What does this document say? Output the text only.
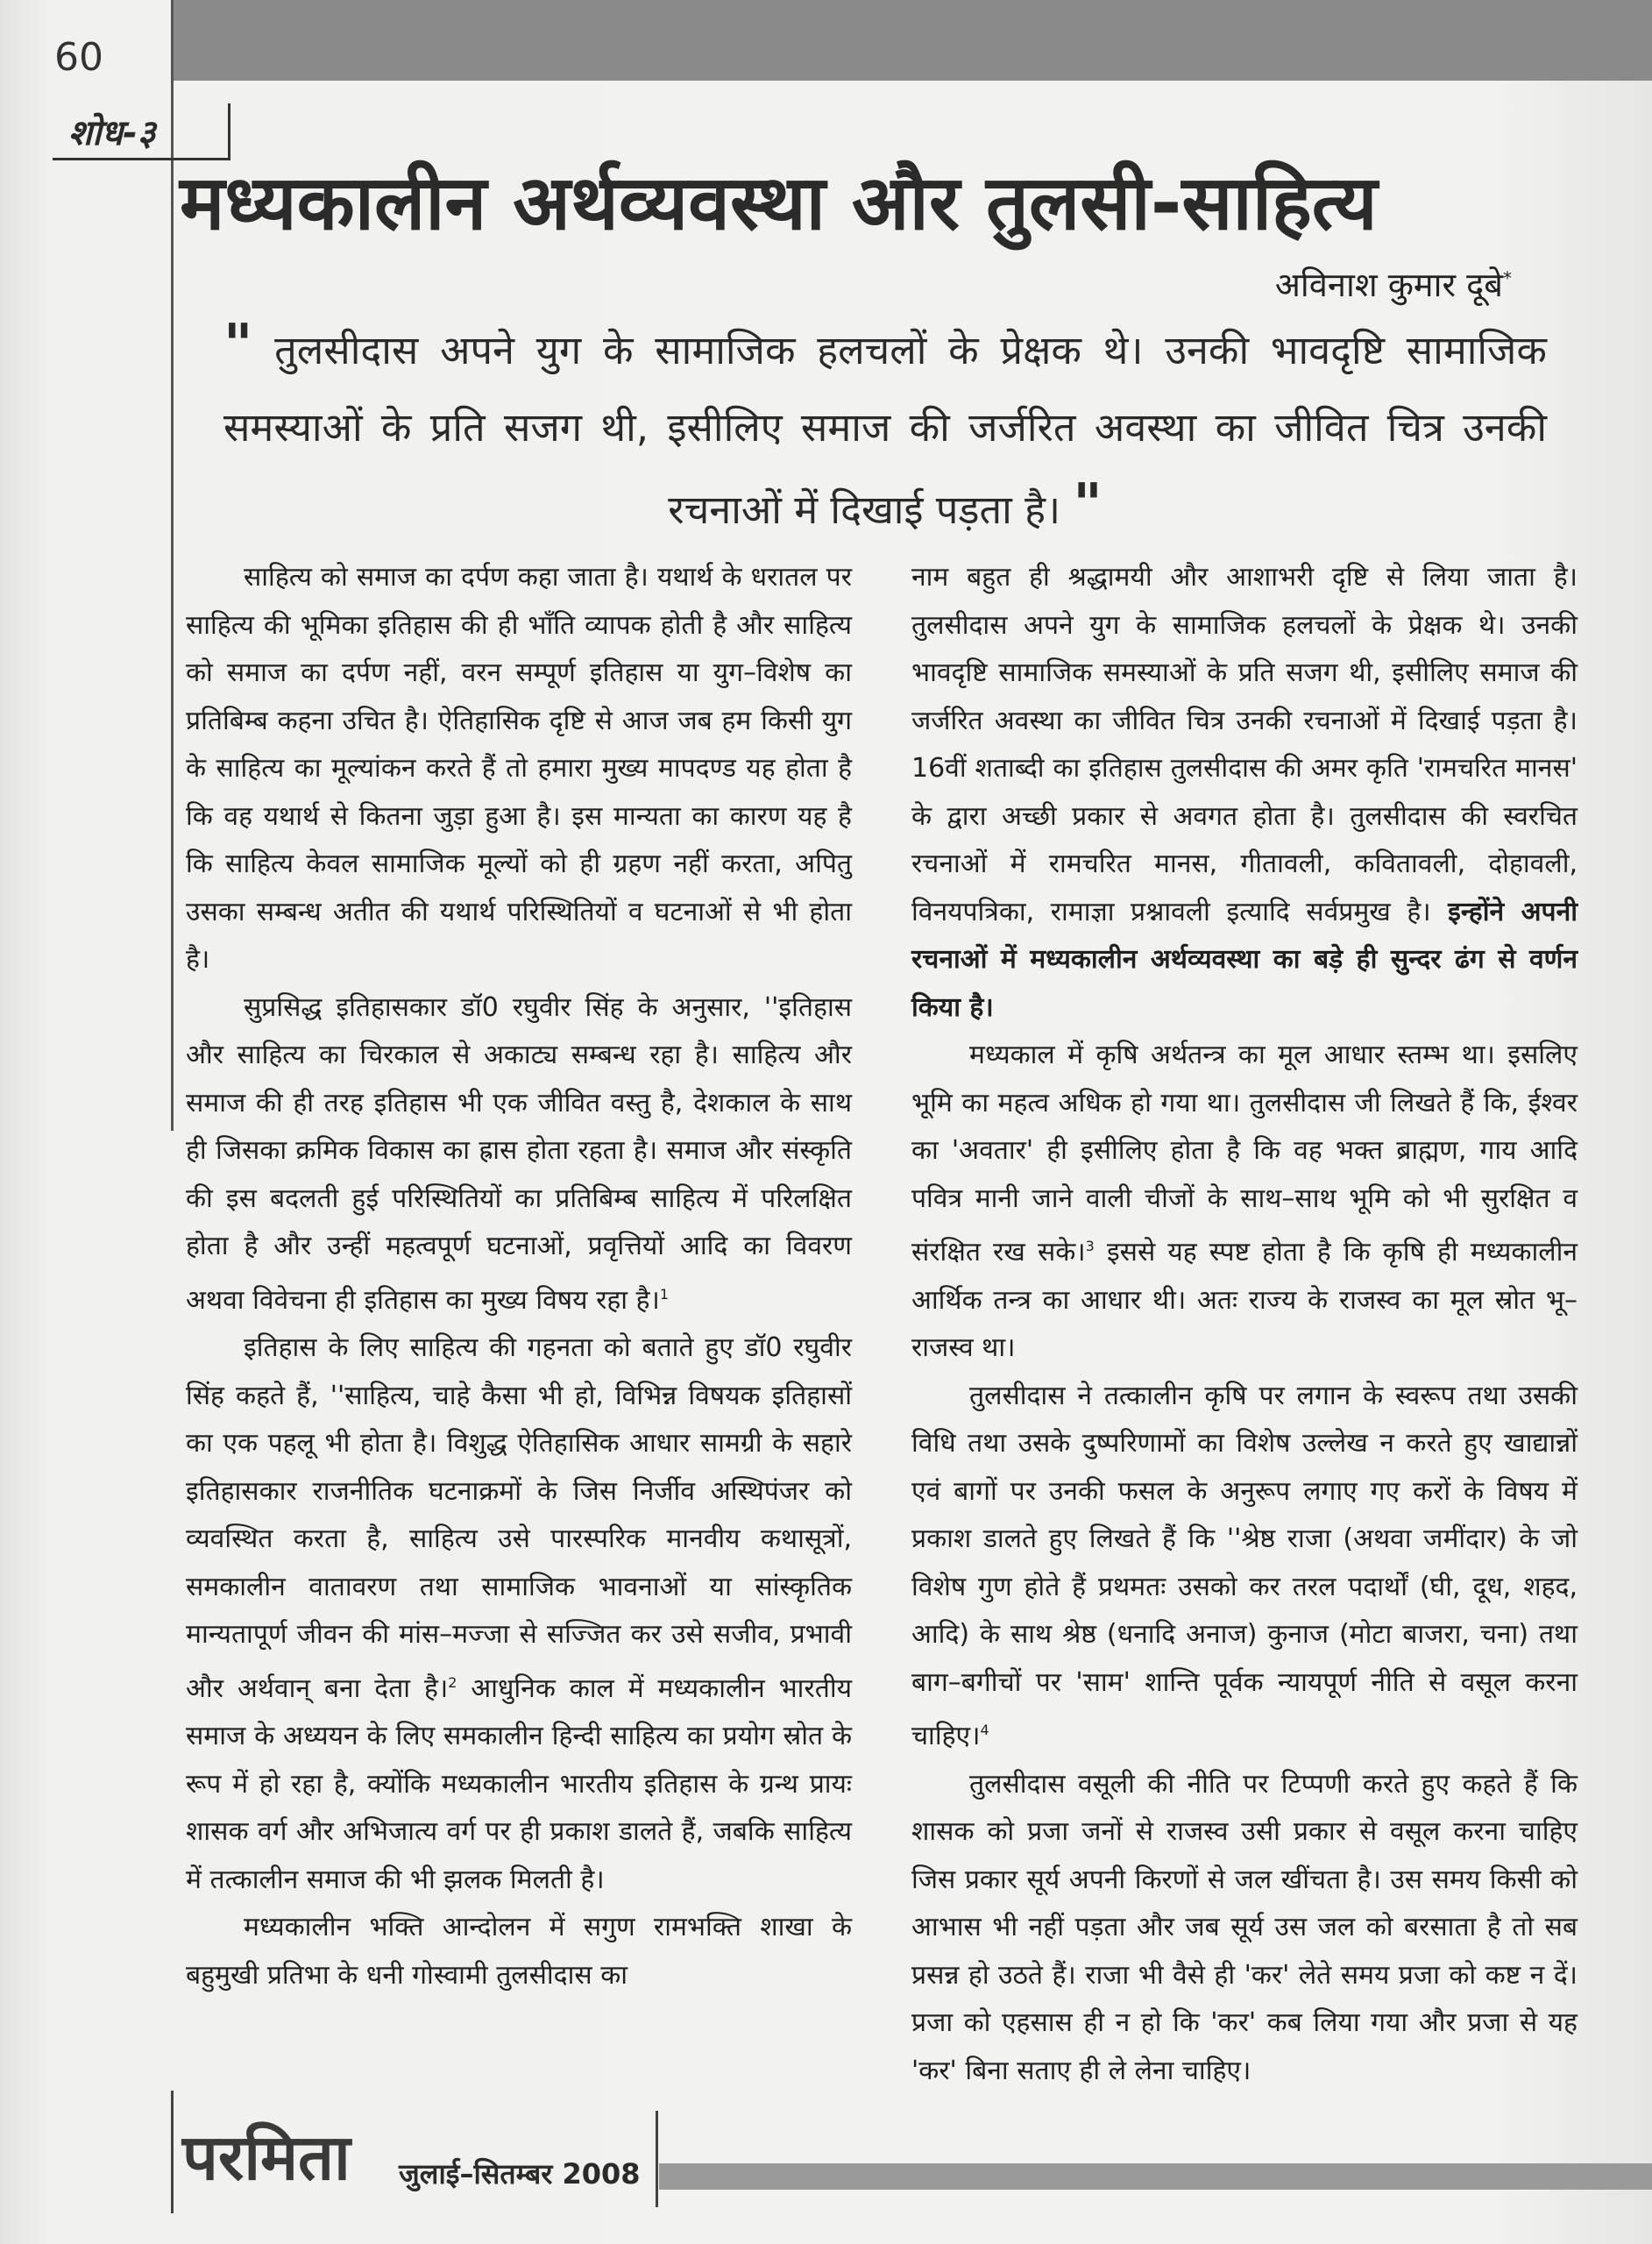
60
शोध-३
मध्यकालीन अर्थव्यवस्था और तुलसी-साहित्य
अविनाश कुमार दूबे*
" तुलसीदास अपने युग के सामाजिक हलचलों के प्रेक्षक थे। उनकी भावदृष्टि सामाजिक समस्याओं के प्रति सजग थी, इसीलिए समाज की जर्जरित अवस्था का जीवित चित्र उनकी रचनाओं में दिखाई पड़ता है। "

साहित्य को समाज का दर्पण कहा जाता है। यथार्थ के धरातल पर साहित्य की भूमिका इतिहास की ही भाँति व्यापक होती है और साहित्य को समाज का दर्पण नहीं, वरन सम्पूर्ण इतिहास या युग–विशेष का प्रतिबिम्ब कहना उचित है। ऐतिहासिक दृष्टि से आज जब हम किसी युग के साहित्य का मूल्यांकन करते हैं तो हमारा मुख्य मापदण्ड यह होता है कि वह यथार्थ से कितना जुड़ा हुआ है। इस मान्यता का कारण यह है कि साहित्य केवल सामाजिक मूल्यों को ही ग्रहण नहीं करता, अपितु उसका सम्बन्ध अतीत की यथार्थ परिस्थितियों व घटनाओं से भी होता है।

सुप्रसिद्ध इतिहासकार डॉ0 रघुवीर सिंह के अनुसार, ''इतिहास और साहित्य का चिरकाल से अकाट्य सम्बन्ध रहा है। साहित्य और समाज की ही तरह इतिहास भी एक जीवित वस्तु है, देशकाल के साथ ही जिसका क्रमिक विकास का ह्रास होता रहता है। समाज और संस्कृति की इस बदलती हुई परिस्थितियों का प्रतिबिम्ब साहित्य में परिलक्षित होता है और उन्हीं महत्वपूर्ण घटनाओं, प्रवृत्तियों आदि का विवरण अथवा विवेचना ही इतिहास का मुख्य विषय रहा है।$^1$

इतिहास के लिए साहित्य की गहनता को बताते हुए डॉ0 रघुवीर सिंह कहते हैं, ''साहित्य, चाहे कैसा भी हो, विभिन्न विषयक इतिहासों का एक पहलू भी होता है। विशुद्ध ऐतिहासिक आधार सामग्री के सहारे इतिहासकार राजनीतिक घटनाक्रमों के जिस निर्जीव अस्थिपंजर को व्यवस्थित करता है, साहित्य उसे पारस्परिक मानवीय कथासूत्रों, समकालीन वातावरण तथा सामाजिक भावनाओं या सांस्कृतिक मान्यतापूर्ण जीवन की मांस–मज्जा से सज्जित कर उसे सजीव, प्रभावी और अर्थवान् बना देता है।$^2$ आधुनिक काल में मध्यकालीन भारतीय समाज के अध्ययन के लिए समकालीन हिन्दी साहित्य का प्रयोग स्रोत के रूप में हो रहा है, क्योंकि मध्यकालीन भारतीय इतिहास के ग्रन्थ प्रायः शासक वर्ग और अभिजात्य वर्ग पर ही प्रकाश डालते हैं, जबकि साहित्य में तत्कालीन समाज की भी झलक मिलती है।

मध्यकालीन भक्ति आन्दोलन में सगुण रामभक्ति शाखा के बहुमुखी प्रतिभा के धनी गोस्वामी तुलसीदास का

नाम बहुत ही श्रद्धामयी और आशाभरी दृष्टि से लिया जाता है। तुलसीदास अपने युग के सामाजिक हलचलों के प्रेक्षक थे। उनकी भावदृष्टि सामाजिक समस्याओं के प्रति सजग थी, इसीलिए समाज की जर्जरित अवस्था का जीवित चित्र उनकी रचनाओं में दिखाई पड़ता है। 16वीं शताब्दी का इतिहास तुलसीदास की अमर कृति 'रामचरित मानस' के द्वारा अच्छी प्रकार से अवगत होता है। तुलसीदास की स्वरचित रचनाओं में रामचरित मानस, गीतावली, कवितावली, दोहावली, विनयपत्रिका, रामाज्ञा प्रश्नावली इत्यादि सर्वप्रमुख है। इन्होंने अपनी रचनाओं में मध्यकालीन अर्थव्यवस्था का बड़े ही सुन्दर ढंग से वर्णन किया है।

मध्यकाल में कृषि अर्थतन्त्र का मूल आधार स्तम्भ था। इसलिए भूमि का महत्व अधिक हो गया था। तुलसीदास जी लिखते हैं कि, ईश्वर का 'अवतार' ही इसीलिए होता है कि वह भक्त ब्राह्मण, गाय आदि पवित्र मानी जाने वाली चीजों के साथ–साथ भूमि को भी सुरक्षित व संरक्षित रख सके।$^3$ इससे यह स्पष्ट होता है कि कृषि ही मध्यकालीन आर्थिक तन्त्र का आधार थी। अतः राज्य के राजस्व का मूल स्रोत भू–राजस्व था।

तुलसीदास ने तत्कालीन कृषि पर लगान के स्वरूप तथा उसकी विधि तथा उसके दुष्परिणामों का विशेष उल्लेख न करते हुए खाद्यान्नों एवं बागों पर उनकी फसल के अनुरूप लगाए गए करों के विषय में प्रकाश डालते हुए लिखते हैं कि ''श्रेष्ठ राजा (अथवा जमींदार) के जो विशेष गुण होते हैं प्रथमतः उसको कर तरल पदार्थों (घी, दूध, शहद, आदि) के साथ श्रेष्ठ (धनादि अनाज) कुनाज (मोटा बाजरा, चना) तथा बाग–बगीचों पर 'साम' शान्ति पूर्वक न्यायपूर्ण नीति से वसूल करना चाहिए।$^4$

तुलसीदास वसूली की नीति पर टिप्पणी करते हुए कहते हैं कि शासक को प्रजा जनों से राजस्व उसी प्रकार से वसूल करना चाहिए जिस प्रकार सूर्य अपनी किरणों से जल खींचता है। उस समय किसी को आभास भी नहीं पड़ता और जब सूर्य उस जल को बरसाता है तो सब प्रसन्न हो उठते हैं। राजा भी वैसे ही 'कर' लेते समय प्रजा को कष्ट न दें। प्रजा को एहसास ही न हो कि 'कर' कब लिया गया और प्रजा से यह 'कर' बिना सताए ही ले लेना चाहिए।

परमिता जुलाई–सितम्बर 2008
